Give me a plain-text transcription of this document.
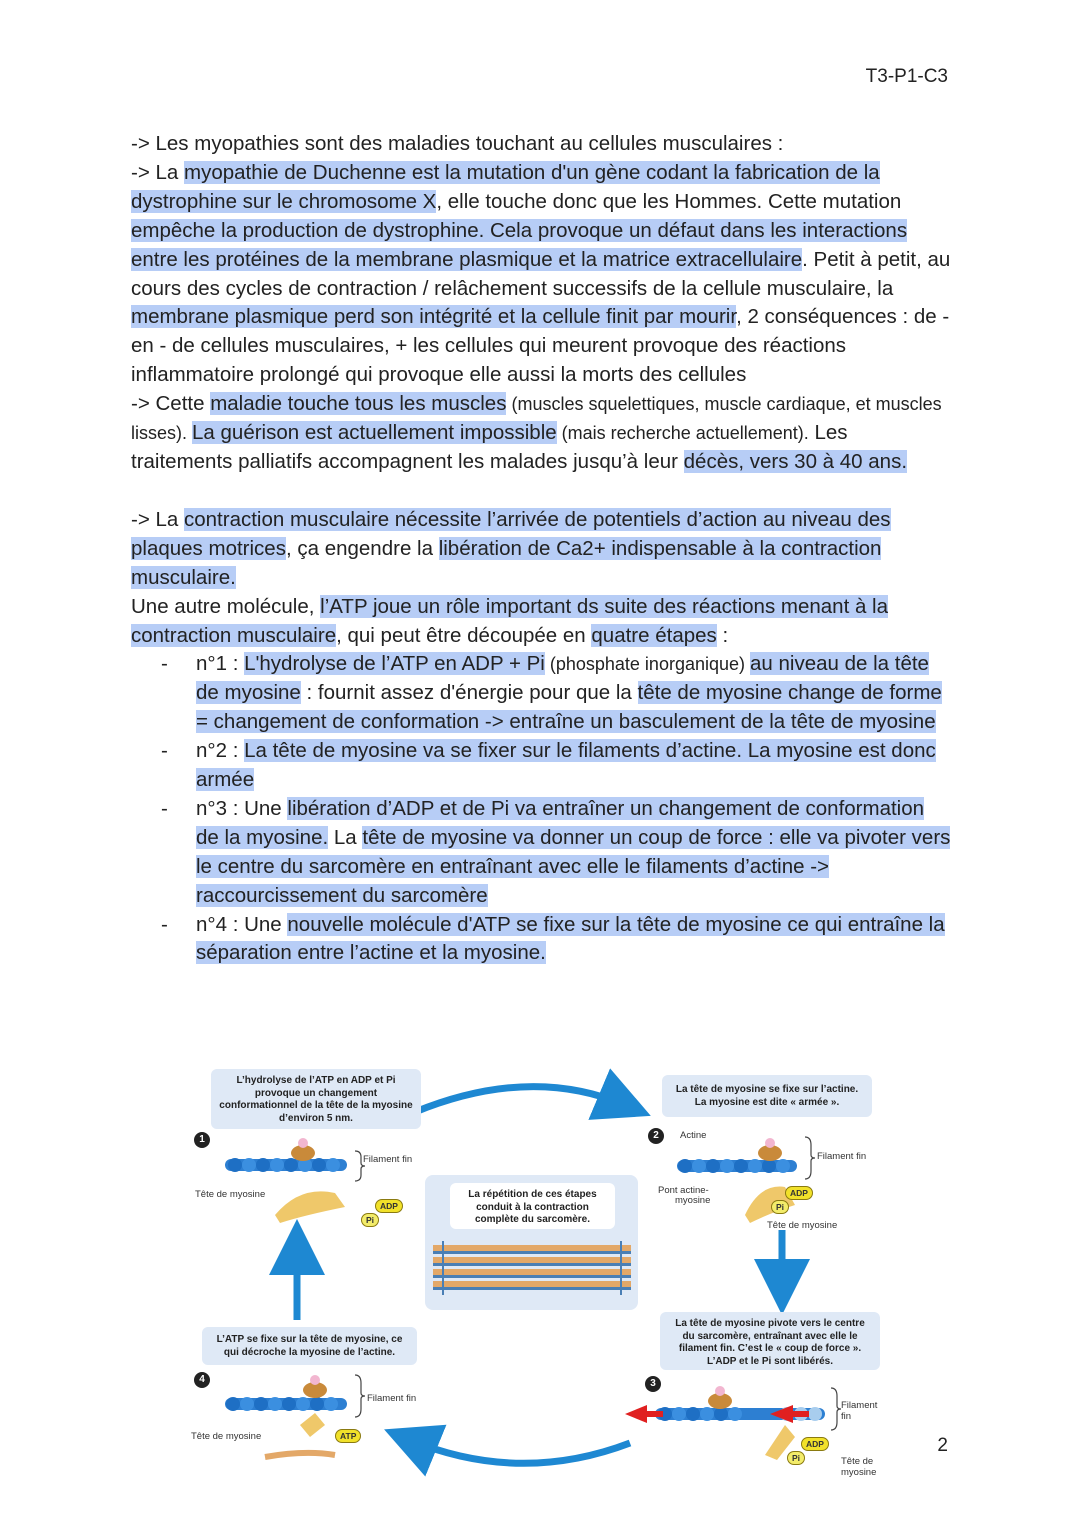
T3-P1-C3

-> Les myopathies sont des maladies touchant au cellules musculaires :
-> La myopathie de Duchenne est la mutation d'un gène codant la fabrication de la dystrophine sur le chromosome X, elle touche donc que les Hommes. Cette mutation empêche la production de dystrophine. Cela provoque un défaut dans les interactions entre les protéines de la membrane plasmique et la matrice extracellulaire. Petit à petit, au cours des cycles de contraction / relâchement successifs de la cellule musculaire, la membrane plasmique perd son intégrité et la cellule finit par mourir, 2 conséquences : de - en - de cellules musculaires, + les cellules qui meurent provoque des réactions inflammatoire prolongé qui provoque elle aussi la morts des cellules
-> Cette maladie touche tous les muscles (muscles squelettiques, muscle cardiaque, et muscles lisses). La guérison est actuellement impossible (mais recherche actuellement). Les traitements palliatifs accompagnent les malades jusqu’à leur décès, vers 30 à 40 ans.

-> La contraction musculaire nécessite l’arrivée de potentiels d’action au niveau des plaques motrices, ça engendre la libération de Ca2+ indispensable à la contraction musculaire.
Une autre molécule, l’ATP joue un rôle important ds suite des réactions menant à la contraction musculaire, qui peut être découpée en quatre étapes :

- n°1 : L'hydrolyse de l’ATP en ADP + Pi (phosphate inorganique) au niveau de la tête de myosine : fournit assez d'énergie pour que la tête de myosine change de forme = changement de conformation -> entraîne un basculement de la tête de myosine
- n°2 : La tête de myosine va se fixer sur le filaments d’actine. La myosine est donc armée
- n°3 : Une libération d’ADP et de Pi va entraîner un changement de conformation de la myosine. La tête de myosine va donner un coup de force : elle va pivoter vers le centre du sarcomère en entraînant avec elle le filaments d’actine -> raccourcissement du sarcomère
- n°4 : Une nouvelle molécule d'ATP se fixe sur la tête de myosine ce qui entraîne la séparation entre l’actine et la myosine.
L’hydrolyse de l’ATP en ADP et Pi provoque un changement conformationnel de la tête de la myosine d’environ 5 nm.
La tête de myosine se fixe sur l’actine. La myosine est dite « armée ».
La tête de myosine pivote vers le centre du sarcomère, entraînant avec elle le filament fin. C’est le « coup de force ». L’ADP et le Pi sont libérés.
L’ATP se fixe sur la tête de myosine, ce qui décroche la myosine de l’actine.
La répétition de ces étapes conduit à la contraction complète du sarcomère.
1	2
3
4
Filament fin
Tête de myosine
ADP
Pi
Actine
Filament fin
Pont actine-
myosine
ADP
Pi
Tête de myosine
Filament
fin
ADP
Pi	Tête de
myosine
Filament fin
Tête de myosine	ATP	2
